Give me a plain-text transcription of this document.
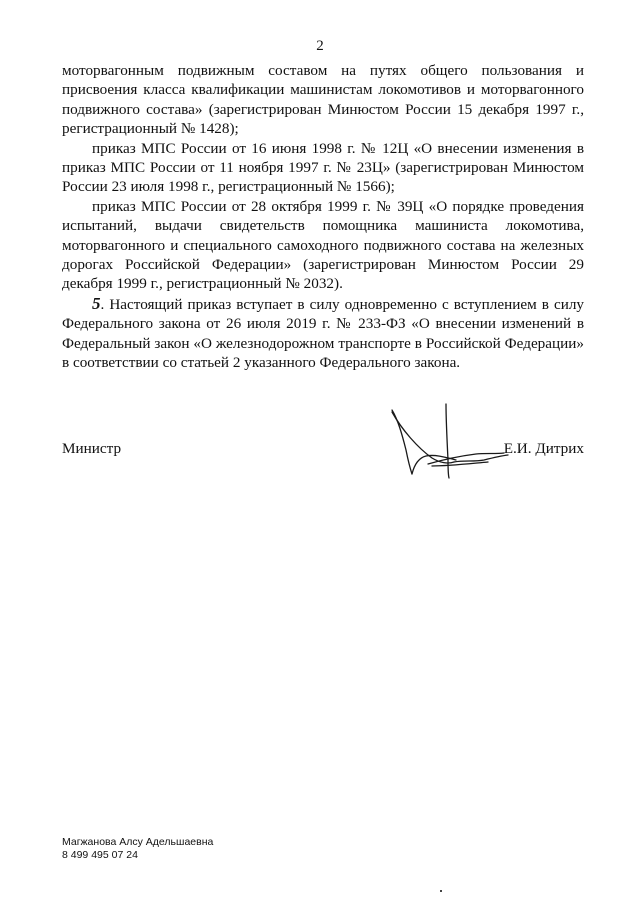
2

моторвагонным подвижным составом на путях общего пользования и присвоения класса квалификации машинистам локомотивов и моторвагонного подвижного состава» (зарегистрирован Минюстом России 15 декабря 1997 г., регистрационный № 1428);

приказ МПС России от 16 июня 1998 г. № 12Ц «О внесении изменения в приказ МПС России от 11 ноября 1997 г. № 23Ц» (зарегистрирован Минюстом России 23 июля 1998 г., регистрационный № 1566);

приказ МПС России от 28 октября 1999 г. № 39Ц «О порядке проведения испытаний, выдачи свидетельств помощника машиниста локомотива, моторвагонного и специального самоходного подвижного состава на железных дорогах Российской Федерации» (зарегистрирован Минюстом России 29 декабря 1999 г., регистрационный № 2032).

5. Настоящий приказ вступает в силу одновременно с вступлением в силу Федерального закона от 26 июля 2019 г. № 233-ФЗ «О внесении изменений в Федеральный закон «О железнодорожном транспорте в Российской Федерации» в соответствии со статьей 2 указанного Федерального закона.

Министр	Е.И. Дитрих
Магжанова Алсу Адельшаевна
8 499 495 07 24
